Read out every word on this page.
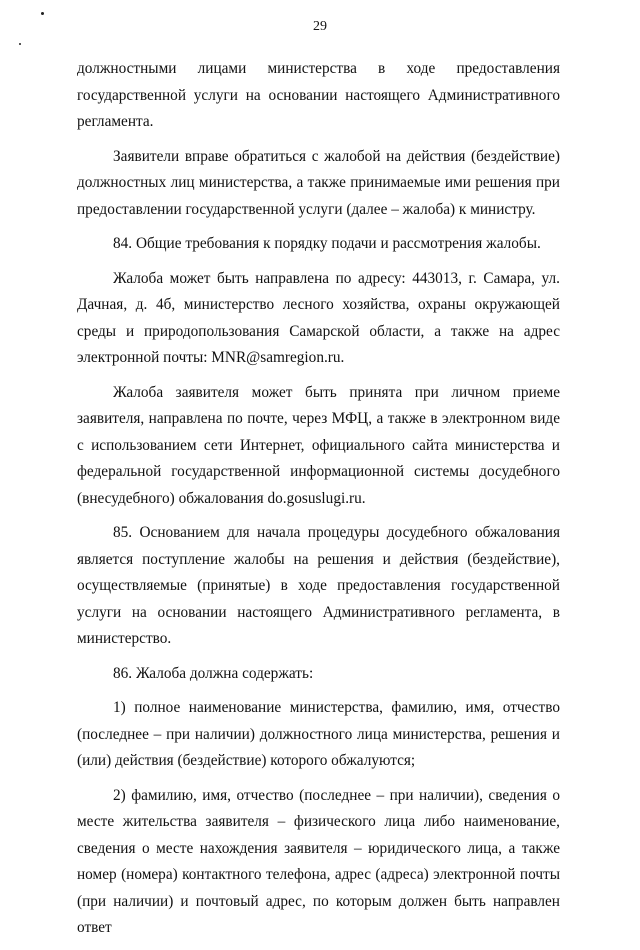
29

должностными лицами министерства в ходе предоставления государственной услуги на основании настоящего Административного регламента.

Заявители вправе обратиться с жалобой на действия (бездействие) должностных лиц министерства, а также принимаемые ими решения при предоставлении государственной услуги (далее – жалоба) к министру.

84. Общие требования к порядку подачи и рассмотрения жалобы.

Жалоба может быть направлена по адресу: 443013, г. Самара, ул. Дачная, д. 4б, министерство лесного хозяйства, охраны окружающей среды и природопользования Самарской области, а также на адрес электронной почты: MNR@samregion.ru.

Жалоба заявителя может быть принята при личном приеме заявителя, направлена по почте, через МФЦ, а также в электронном виде с использованием сети Интернет, официального сайта министерства и федеральной государственной информационной системы досудебного (внесудебного) обжалования do.gosuslugi.ru.

85. Основанием для начала процедуры досудебного обжалования является поступление жалобы на решения и действия (бездействие), осуществляемые (принятые) в ходе предоставления государственной услуги на основании настоящего Административного регламента, в министерство.

86. Жалоба должна содержать:

1) полное наименование министерства, фамилию, имя, отчество (последнее – при наличии) должностного лица министерства, решения и (или) действия (бездействие) которого обжалуются;

2) фамилию, имя, отчество (последнее – при наличии), сведения о месте жительства заявителя – физического лица либо наименование, сведения о месте нахождения заявителя – юридического лица, а также номер (номера) контактного телефона, адрес (адреса) электронной почты (при наличии) и почтовый адрес, по которым должен быть направлен ответ
